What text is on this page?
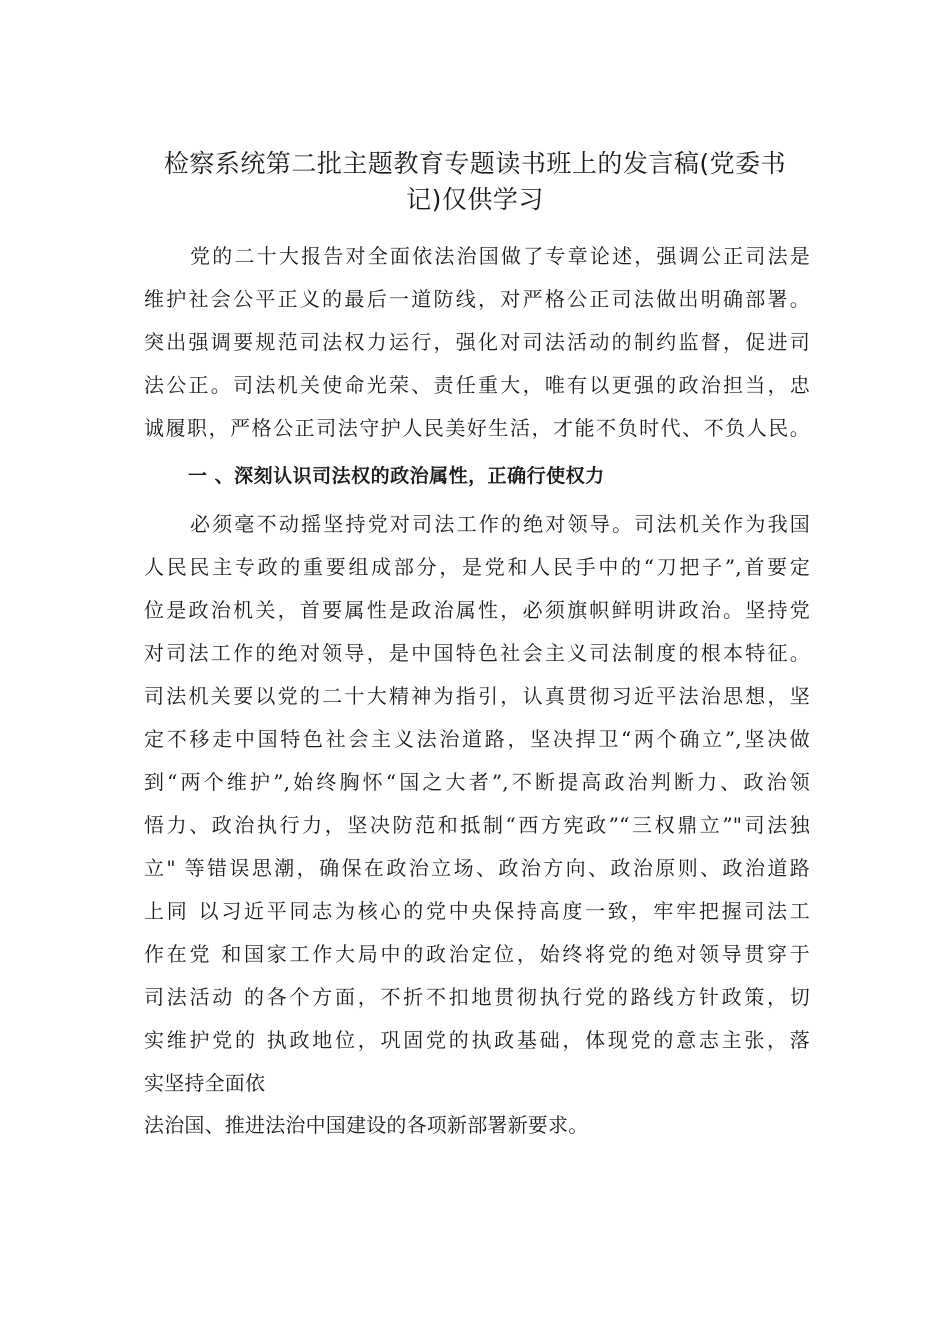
检察系统第二批主题教育专题读书班上的发言稿(党委书
记)仅供学习
党的二十大报告对全面依法治国做了专章论述，强调公正司法是
维护社会公平正义的最后一道防线，对严格公正司法做出明确部署。
突出强调要规范司法权力运行，强化对司法活动的制约监督，促进司
法公正。司法机关使命光荣、责任重大，唯有以更强的政治担当，忠
诚履职，严格公正司法守护人民美好生活，才能不负时代、不负人民。
一 、深刻认识司法权的政治属性，正确行使权力
必须毫不动摇坚持党对司法工作的绝对领导。司法机关作为我国
人民民主专政的重要组成部分，是党和人民手中的“刀把子”,首要定
位是政治机关，首要属性是政治属性，必须旗帜鲜明讲政治。坚持党
对司法工作的绝对领导，是中国特色社会主义司法制度的根本特征。
司法机关要以党的二十大精神为指引，认真贯彻习近平法治思想，坚
定不移走中国特色社会主义法治道路，坚决捍卫“两个确立”,坚决做
到“两个维护”,始终胸怀“国之大者”,不断提高政治判断力、政治领
悟力、政治执行力，坚决防范和抵制“西方宪政”“三权鼎立”"司法独
立" 等错误思潮，确保在政治立场、政治方向、政治原则、政治道路
上同 以习近平同志为核心的党中央保持高度一致，牢牢把握司法工
作在党 和国家工作大局中的政治定位，始终将党的绝对领导贯穿于
司法活动 的各个方面，不折不扣地贯彻执行党的路线方针政策，切
实维护党的 执政地位，巩固党的执政基础，体现党的意志主张，落
实坚持全面依
法治国、推进法治中国建设的各项新部署新要求。
